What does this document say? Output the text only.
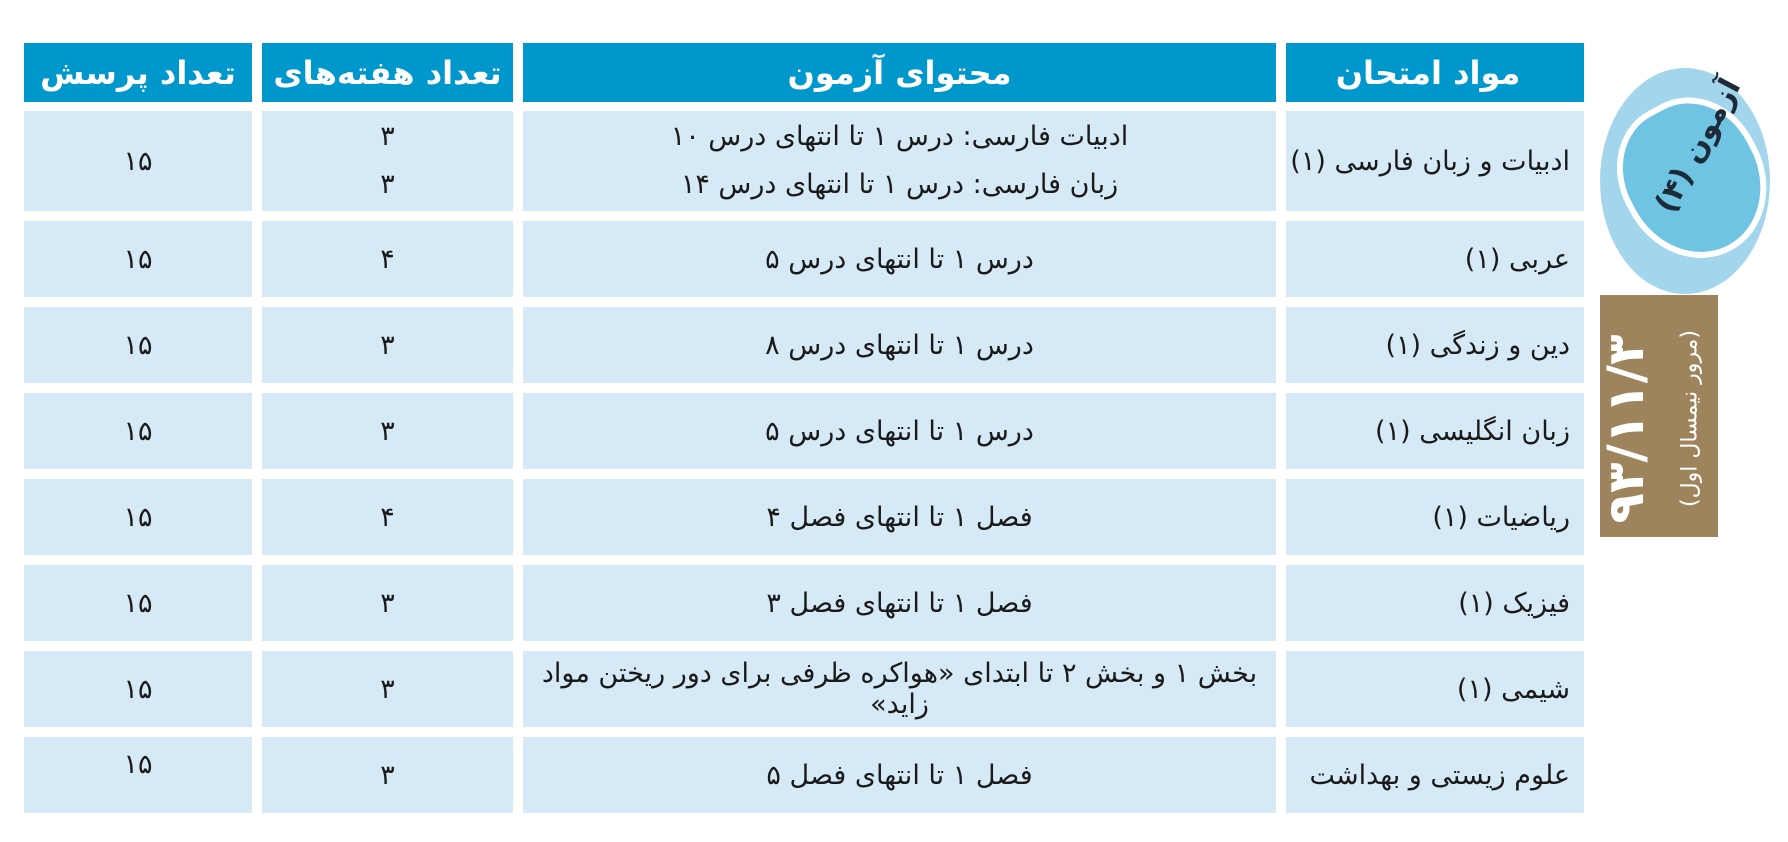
مواد امتحان
محتوای آزمون
تعداد هفته‌های
تعداد پرسش
ادبیات و زبان فارسی (۱)
ادبیات فارسی: درس ۱ تا انتهای درس ۱۰
زبان فارسی: درس ۱ تا انتهای درس ۱۴
۳
۳
۱۵
عربی (۱)
درس ۱ تا انتهای درس ۵
۴
۱۵
دین و زندگی (۱)
درس ۱ تا انتهای درس ۸
۳
۱۵
زبان انگلیسی (۱)
درس ۱ تا انتهای درس ۵
۳
۱۵
ریاضیات (۱)
فصل ۱ تا انتهای فصل ۴
۴
۱۵
فیزیک (۱)
فصل ۱ تا انتهای فصل ۳
۳
۱۵
شیمی (۱)
بخش ۱ و بخش ۲ تا ابتدای «هواکره ظرفی برای دور ریختن مواد زاید»
۳
۱۵
علوم زیستی و بهداشت
فصل ۱ تا انتهای فصل ۵
۳
۱۵
آزمون (۴)
۹۳/۱۱/۳ (مرور نیمسال اول)
